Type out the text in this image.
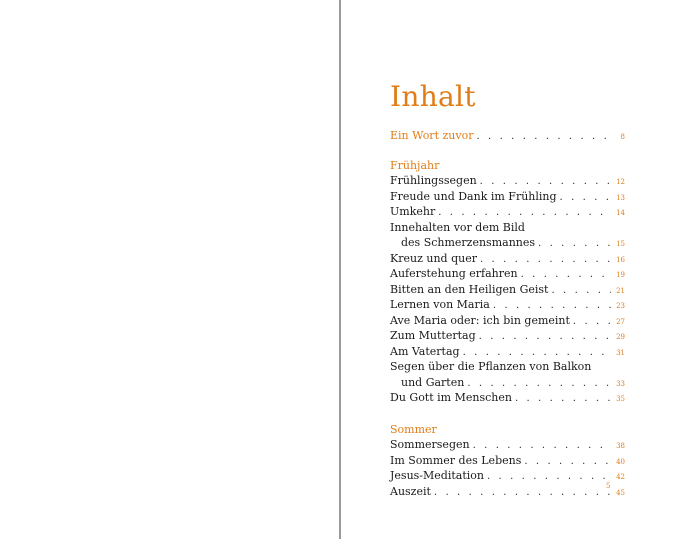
Inhalt
Ein Wort zuvor . . .	8
Frühjahr
Frühlingssegen . . .	12
Freude und Dank im Frühling . . .	13
Umkehr . . .	14
Innehalten vor dem Bild
des Schmerzensmannes . . .	15
Kreuz und quer . . .	16
Auferstehung erfahren . . .	19
Bitten an den Heiligen Geist . . .	21
Lernen von Maria . . .	23
Ave Maria oder: ich bin gemeint . . .	27
Zum Muttertag . . .	29
Am Vatertag . . .	31
Segen über die Pflanzen von Balkon
und Garten . . .	33
Du Gott im Menschen . . .	35
Sommer
Sommersegen . . .	38
Im Sommer des Lebens . . .	40
Jesus-Meditation . . .	42
Auszeit . . .	45
5
